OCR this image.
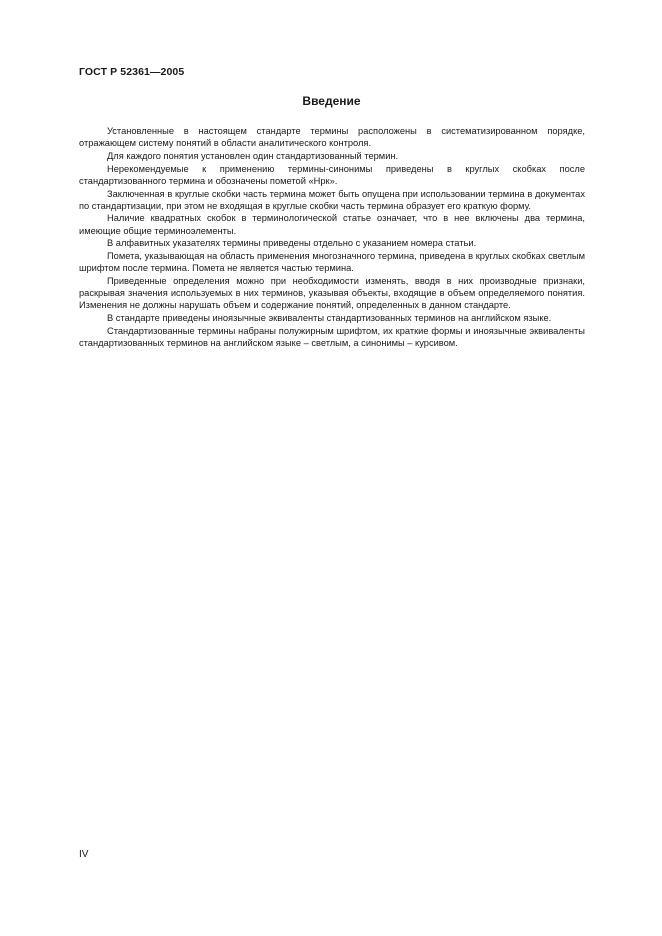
ГОСТ Р 52361—2005
Введение

Установленные в настоящем стандарте термины расположены в систематизированном порядке, отражающем систему понятий в области аналитического контроля.

Для каждого понятия установлен один стандартизованный термин.

Нерекомендуемые к применению термины-синонимы приведены в круглых скобках после стандартизованного термина и обозначены пометой «Нрк».

Заключенная в круглые скобки часть термина может быть опущена при использовании термина в документах по стандартизации, при этом не входящая в круглые скобки часть термина образует его краткую форму.

Наличие квадратных скобок в терминологической статье означает, что в нее включены два термина, имеющие общие терминоэлементы.

В алфавитных указателях термины приведены отдельно с указанием номера статьи.

Помета, указывающая на область применения многозначного термина, приведена в круглых скобках светлым шрифтом после термина. Помета не является частью термина.

Приведенные определения можно при необходимости изменять, вводя в них производные признаки, раскрывая значения используемых в них терминов, указывая объекты, входящие в объем определяемого понятия. Изменения не должны нарушать объем и содержание понятий, определенных в данном стандарте.

В стандарте приведены иноязычные эквиваленты стандартизованных терминов на английском языке.

Стандартизованные термины набраны полужирным шрифтом, их краткие формы и иноязычные эквиваленты стандартизованных терминов на английском языке – светлым, а синонимы – курсивом.

IV
